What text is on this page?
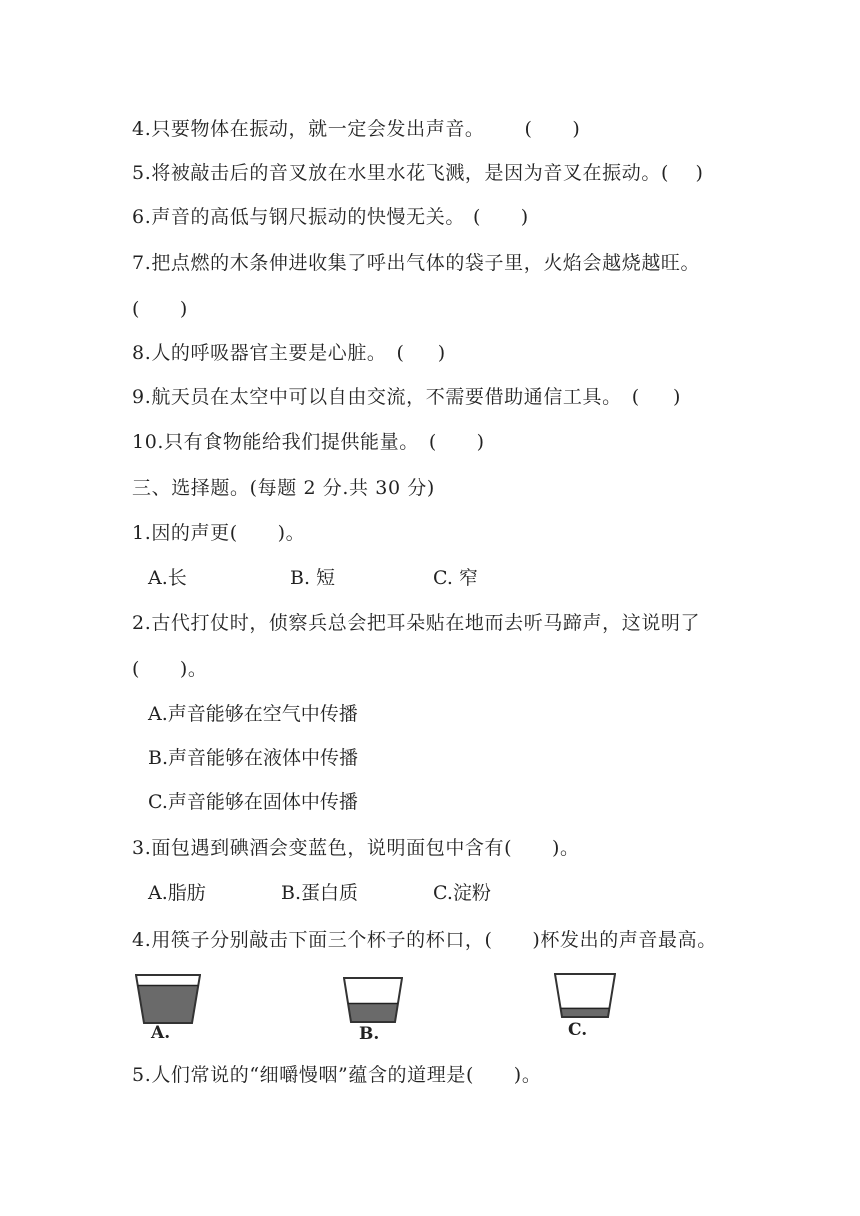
4.只要物体在振动，就一定会发出声音。 (      )
5.将被敲击后的音叉放在水里水花飞溅，是因为音叉在振动。(    )
6.声音的高低与钢尺振动的快慢无关。 (      )
7.把点燃的木条伸进收集了呼出气体的袋子里，火焰会越烧越旺。
(      )
8.人的呼吸器官主要是心脏。 (     )
9.航天员在太空中可以自由交流，不需要借助通信工具。 (     )
10.只有食物能给我们提供能量。 (      )
三、选择题。(每题 2 分.共 30 分)
1.因的声更(      )。
A.长	B. 短	C. 窄
2.古代打仗时，侦察兵总会把耳朵贴在地而去听马蹄声，这说明了
(      )。
A.声音能够在空气中传播
B.声音能够在液体中传播
C.声音能够在固体中传播
3.面包遇到碘酒会变蓝色，说明面包中含有(      )。
A.脂肪	B.蛋白质	C.淀粉
4.用筷子分别敲击下面三个杯子的杯口，(      )杯发出的声音最高。
A.	B.	C.
5.人们常说的“细嚼慢咽”蕴含的道理是(      )。
